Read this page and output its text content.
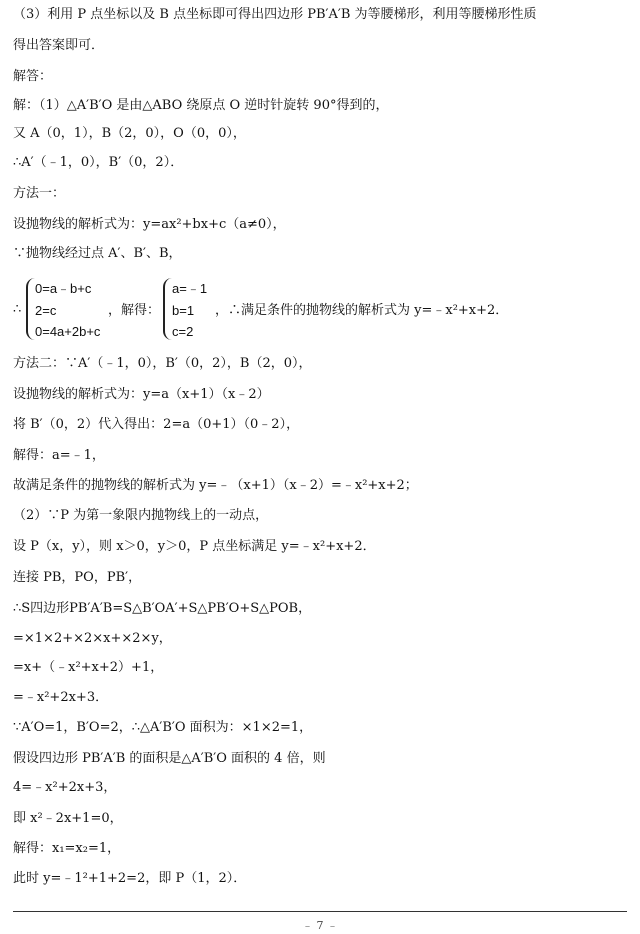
（3）利用 P 点坐标以及 B 点坐标即可得出四边形 PB′A′B 为等腰梯形，利用等腰梯形性质
得出答案即可．
解答：
解：（1）△A′B′O 是由△ABO 绕原点 O 逆时针旋转 90°得到的，
又 A（0，1），B（2，0），O（0，0），
∴A′（﹣1，0），B′（0，2）．
方法一：
设抛物线的解析式为：y=ax²+bx+c（a≠0），
∵抛物线经过点 A′、B′、B，
∴
0=a﹣b+c
2=c
0=4a+2b+c
，解得：
a=﹣1
b=1
c=2
，∴满足条件的抛物线的解析式为 y=﹣x²+x+2．
方法二：∵A′（﹣1，0），B′（0，2），B（2，0），
设抛物线的解析式为：y=a（x+1）（x﹣2）
将 B′（0，2）代入得出：2=a（0+1）（0﹣2），
解得：a=﹣1，
故满足条件的抛物线的解析式为 y=﹣（x+1）（x﹣2）=﹣x²+x+2；
（2）∵P 为第一象限内抛物线上的一动点，
设 P（x，y），则 x＞0，y＞0，P 点坐标满足 y=﹣x²+x+2．
连接 PB，PO，PB′，
∴S四边形PB′A′B=S△B′OA′+S△PB′O+S△POB，
=×1×2+×2×x+×2×y，
=x+（﹣x²+x+2）+1，
=﹣x²+2x+3．
∵A′O=1，B′O=2，∴△A′B′O 面积为：×1×2=1，
假设四边形 PB′A′B 的面积是△A′B′O 面积的 4 倍，则
4=﹣x²+2x+3，
即 x²﹣2x+1=0，
解得：x₁=x₂=1，
此时 y=﹣1²+1+2=2，即 P（1，2）．
﹣ 7 ﹣
